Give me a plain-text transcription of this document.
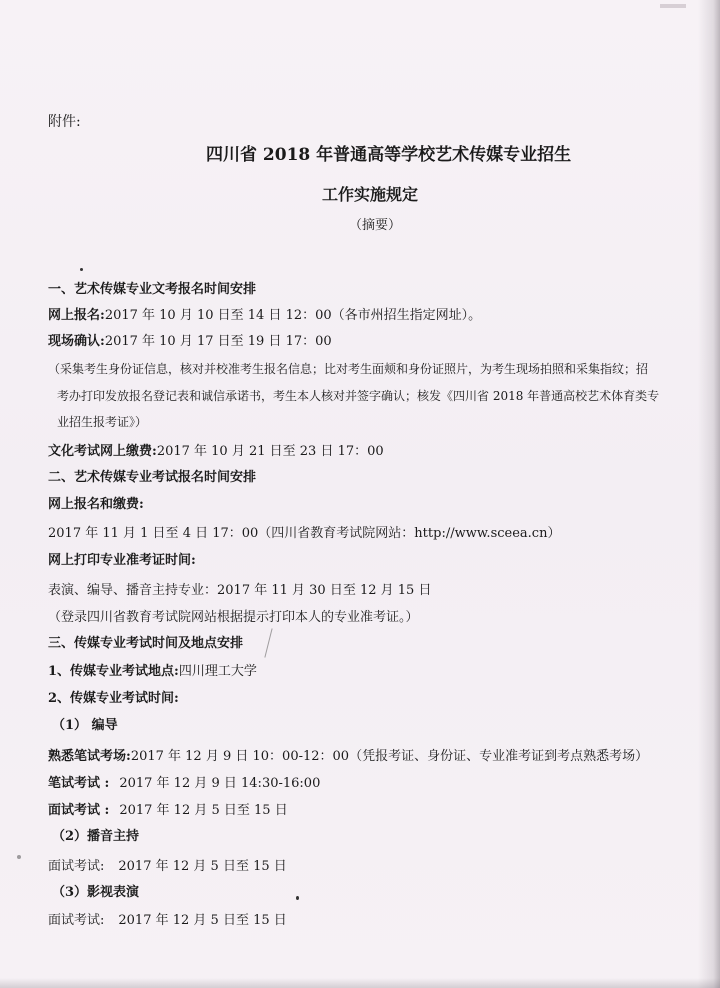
附件:
四川省 2018 年普通高等学校艺术传媒专业招生
工作实施规定
（摘要）
一、艺术传媒专业文考报名时间安排
网上报名:2017 年 10 月 10 日至 14 日 12：00（各市州招生指定网址）。
现场确认:2017 年 10 月 17 日至 19 日 17：00
（采集考生身份证信息，核对并校准考生报名信息；比对考生面颊和身份证照片，为考生现场拍照和采集指纹；招
考办打印发放报名登记表和诚信承诺书，考生本人核对并签字确认；核发《四川省 2018 年普通高校艺术体育类专
业招生报考证》）
文化考试网上缴费:2017 年 10 月 21 日至 23 日 17：00
二、艺术传媒专业考试报名时间安排
网上报名和缴费:
2017 年 11 月 1 日至 4 日 17：00（四川省教育考试院网站：http://www.sceea.cn）
网上打印专业准考证时间:
表演、编导、播音主持专业：2017 年 11 月 30 日至 12 月 15 日
（登录四川省教育考试院网站根据提示打印本人的专业准考证。）
三、传媒专业考试时间及地点安排
1、传媒专业考试地点:四川理工大学
2、传媒专业考试时间:
（1） 编导
熟悉笔试考场:2017 年 12 月 9 日 10：00-12：00（凭报考证、身份证、专业准考证到考点熟悉考场）
笔试考试 : 2017 年 12 月 9 日 14:30-16:00
面试考试 : 2017 年 12 月 5 日至 15 日
（2）播音主持
面试考试: 2017 年 12 月 5 日至 15 日
（3）影视表演
面试考试: 2017 年 12 月 5 日至 15 日
